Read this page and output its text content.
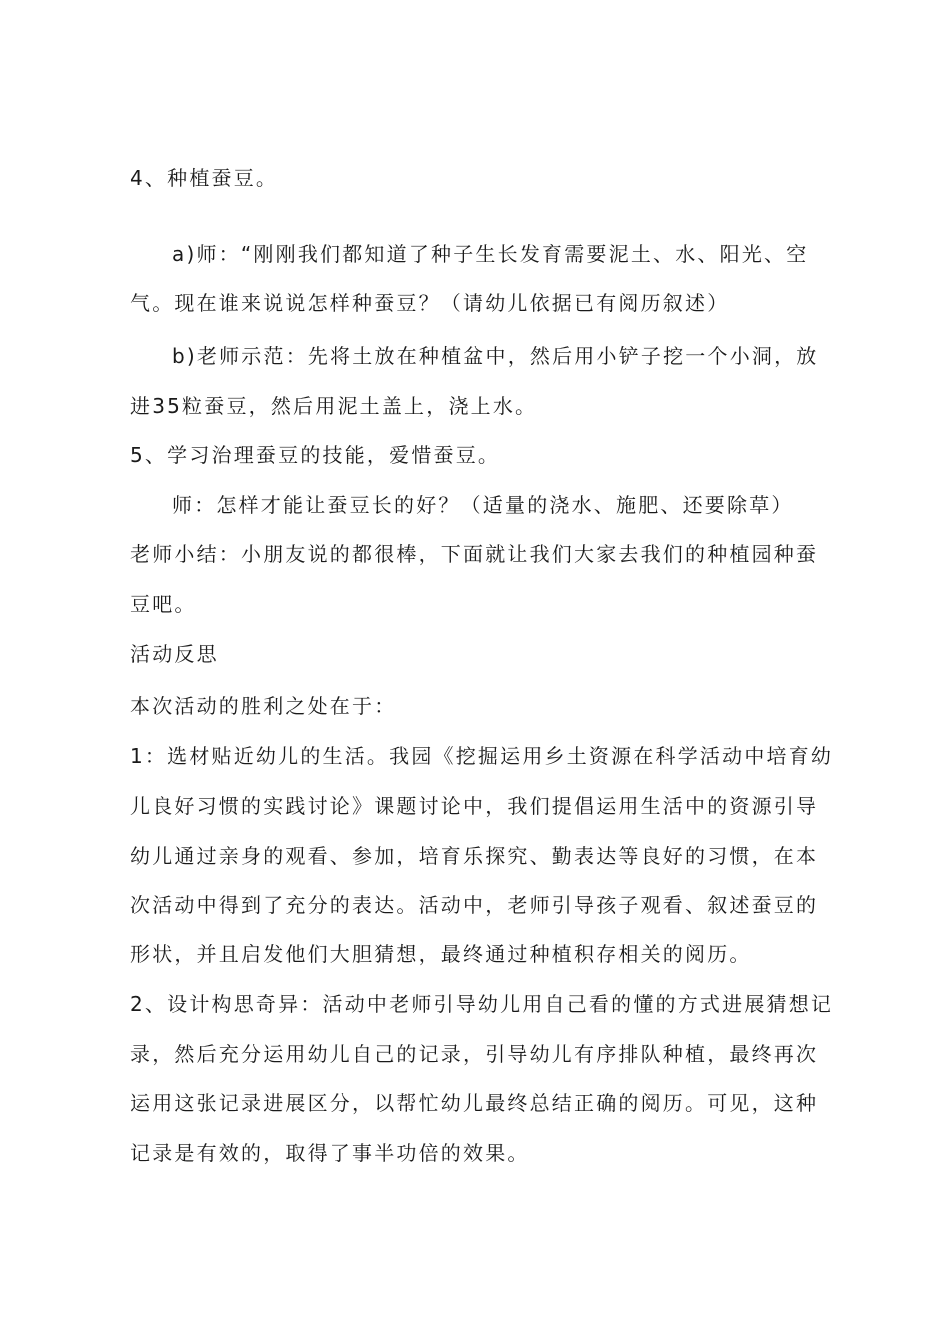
4、种植蚕豆。
a)师：“刚刚我们都知道了种子生长发育需要泥土、水、阳光、空
气。现在谁来说说怎样种蚕豆？（请幼儿依据已有阅历叙述）
b)老师示范：先将土放在种植盆中，然后用小铲子挖一个小洞，放
进35粒蚕豆，然后用泥土盖上，浇上水。
5、学习治理蚕豆的技能，爱惜蚕豆。
师：怎样才能让蚕豆长的好？（适量的浇水、施肥、还要除草）
老师小结：小朋友说的都很棒，下面就让我们大家去我们的种植园种蚕
豆吧。
活动反思
本次活动的胜利之处在于：
1：选材贴近幼儿的生活。我园《挖掘运用乡土资源在科学活动中培育幼
儿良好习惯的实践讨论》课题讨论中，我们提倡运用生活中的资源引导
幼儿通过亲身的观看、参加，培育乐探究、勤表达等良好的习惯，在本
次活动中得到了充分的表达。活动中，老师引导孩子观看、叙述蚕豆的
形状，并且启发他们大胆猜想，最终通过种植积存相关的阅历。
2、设计构思奇异：活动中老师引导幼儿用自己看的懂的方式进展猜想记
录，然后充分运用幼儿自己的记录，引导幼儿有序排队种植，最终再次
运用这张记录进展区分，以帮忙幼儿最终总结正确的阅历。可见，这种
记录是有效的，取得了事半功倍的效果。
